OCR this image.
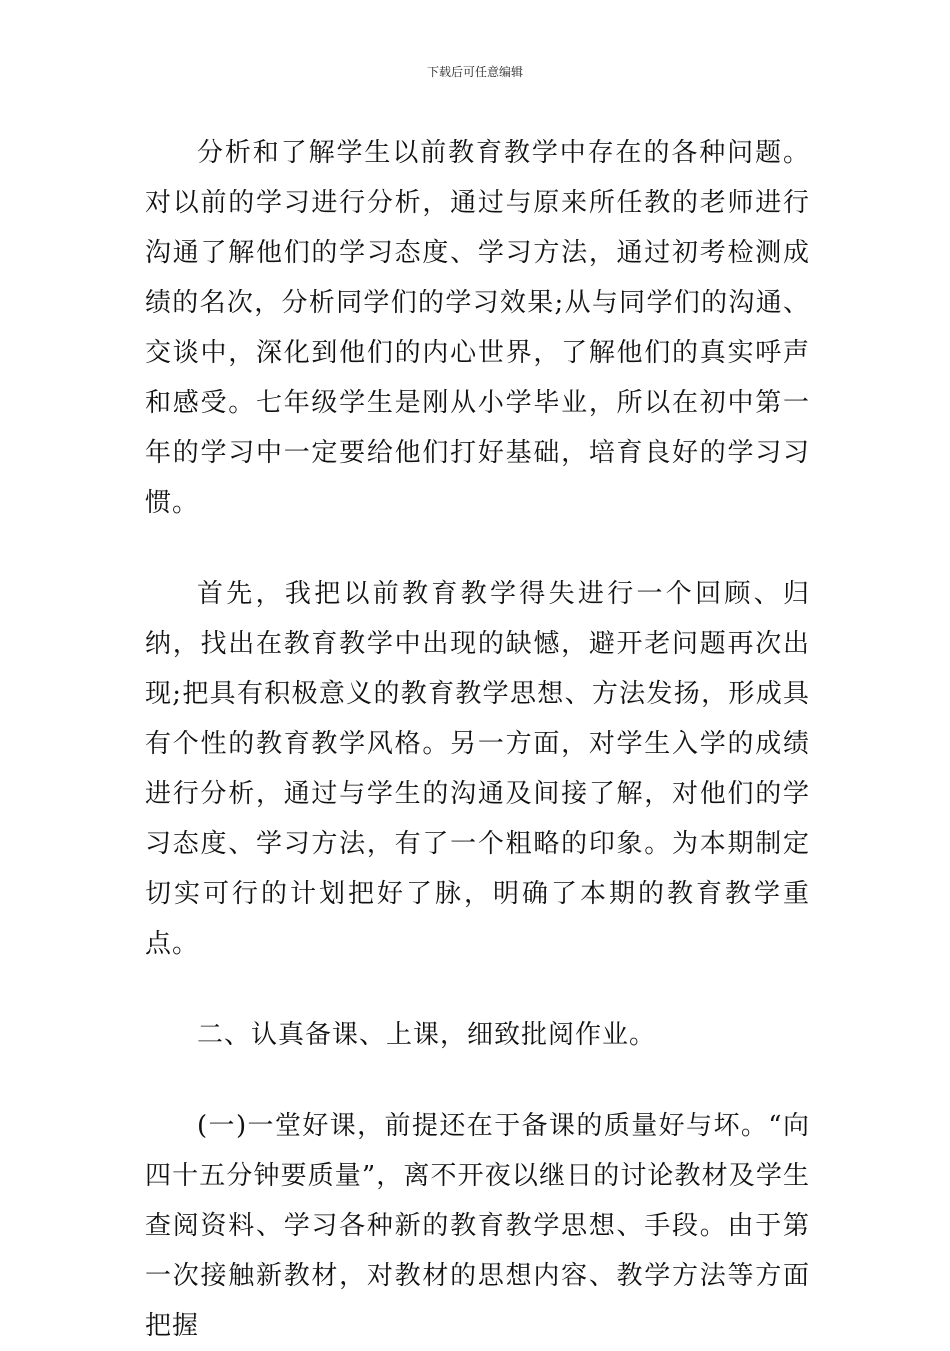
下载后可任意编辑

分析和了解学生以前教育教学中存在的各种问题。对以前的学习进行分析，通过与原来所任教的老师进行沟通了解他们的学习态度、学习方法，通过初考检测成绩的名次，分析同学们的学习效果;从与同学们的沟通、交谈中，深化到他们的内心世界，了解他们的真实呼声和感受。七年级学生是刚从小学毕业，所以在初中第一年的学习中一定要给他们打好基础，培育良好的学习习惯。

首先，我把以前教育教学得失进行一个回顾、归纳，找出在教育教学中出现的缺憾，避开老问题再次出现;把具有积极意义的教育教学思想、方法发扬，形成具有个性的教育教学风格。另一方面，对学生入学的成绩进行分析，通过与学生的沟通及间接了解，对他们的学习态度、学习方法，有了一个粗略的印象。为本期制定切实可行的计划把好了脉，明确了本期的教育教学重点。

二、认真备课、上课，细致批阅作业。

(一)一堂好课，前提还在于备课的质量好与坏。“向四十五分钟要质量”，离不开夜以继日的讨论教材及学生查阅资料、学习各种新的教育教学思想、手段。由于第一次接触新教材，对教材的思想内容、教学方法等方面把握
